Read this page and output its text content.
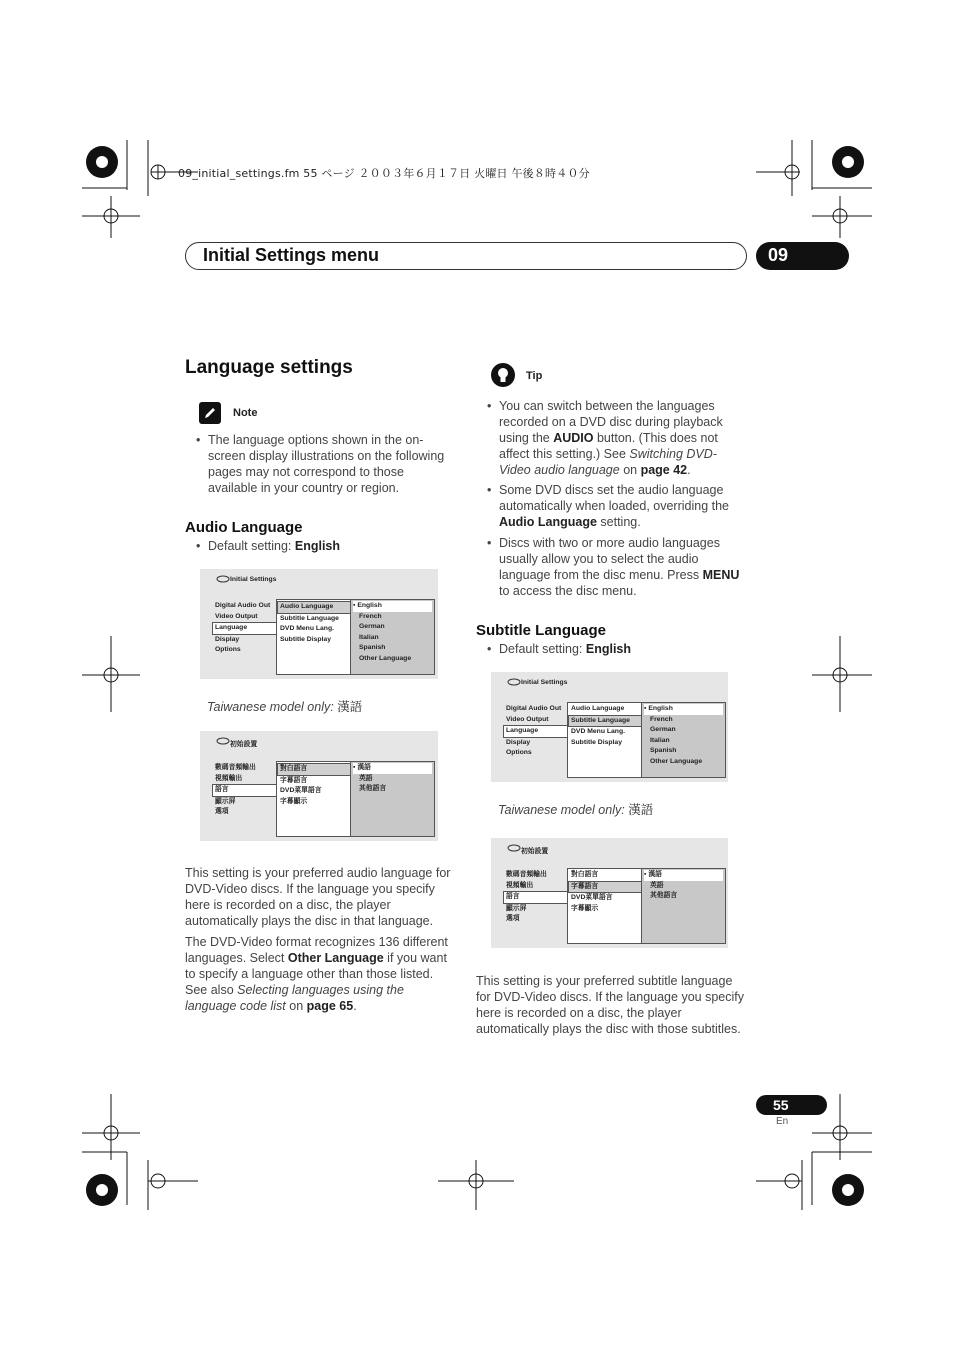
09_initial_settings.fm 55 ページ ２００３年６月１７日 火曜日 午後８時４０分
Initial Settings menu	09
Language settings
Note
• The language options shown in the on-screen display illustrations on the following pages may not correspond to those available in your country or region.
Audio Language
• Default setting: English
Initial Settings
Digital Audio Out
Video Output
Language
Display
Options
Audio Language
Subtitle Language
DVD Menu Lang.
Subtitle Display
▪ English
French
German
Italian
Spanish
Other Language
Taiwanese model only: 漢語
初始設置
數碼音頻輸出
視頻輸出
語言
顯示屏
選項
對白語言
字幕語言
DVD菜單語言
字幕顯示
▪ 漢語
英語
其他語言
This setting is your preferred audio language for DVD-Video discs. If the language you specify here is recorded on a disc, the player automatically plays the disc in that language.
The DVD-Video format recognizes 136 different languages. Select Other Language if you want to specify a language other than those listed. See also Selecting languages using the language code list on page 65.
Tip
• You can switch between the languages recorded on a DVD disc during playback using the AUDIO button. (This does not affect this setting.) See Switching DVD-Video audio language on page 42.
• Some DVD discs set the audio language automatically when loaded, overriding the Audio Language setting.
• Discs with two or more audio languages usually allow you to select the audio language from the disc menu. Press MENU to access the disc menu.
Subtitle Language
• Default setting: English
Initial Settings
Digital Audio Out
Video Output
Language
Display
Options
Audio Language
Subtitle Language
DVD Menu Lang.
Subtitle Display
▪ English
French
German
Italian
Spanish
Other Language
Taiwanese model only: 漢語
初始設置
數碼音頻輸出
視頻輸出
語言
顯示屏
選項
對白語言
字幕語言
DVD菜單語言
字幕顯示
▪ 漢語
英語
其他語言
This setting is your preferred subtitle language for DVD-Video discs. If the language you specify here is recorded on a disc, the player automatically plays the disc with those subtitles.
55
En
